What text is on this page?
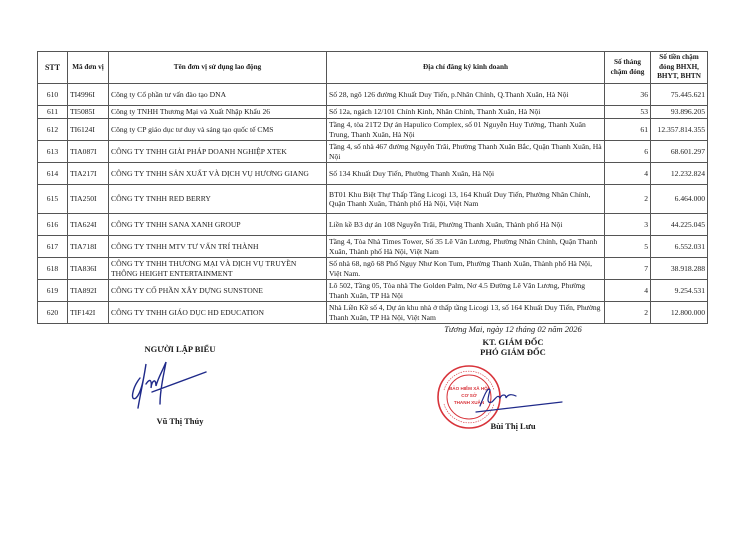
STT	Mã đơn vị	Tên đơn vị sử dụng lao động	Địa chỉ đăng ký kinh doanh	Số tháng chậm đóng	Số tiền chậm đóng BHXH, BHYT, BHTN
610	TI4996I	Công ty Cổ phần tư vấn đào tạo DNA	Số 28, ngõ 126 đường Khuất Duy Tiến, p.Nhân Chính, Q.Thanh Xuân, Hà Nội	36	75.445.621
611	TI5085I	Công ty TNHH Thương Mại và Xuất Nhập Khẩu 26	Số 12a, ngách 12/101 Chính Kinh, Nhân Chính, Thanh Xuân, Hà Nội	53	93.896.205
612	TI6124I	Công ty CP giáo dục tư duy và sáng tạo quốc tế CMS	Tầng 4, tòa 21T2 Dự án Hapulico Complex, số 01 Nguyễn Huy Tưởng, Thanh Xuân Trung, Thanh Xuân, Hà Nội	61	12.357.814.355
613	TIA087I	CÔNG TY TNHH GIẢI PHÁP DOANH NGHIỆP XTEK	Tầng 4, số nhà 467 đường Nguyễn Trãi, Phường Thanh Xuân Bắc, Quận Thanh Xuân, Hà Nội	6	68.601.297
614	TIA217I	CÔNG TY TNHH SẢN XUẤT VÀ DỊCH VỤ HƯƠNG GIANG	Số 134 Khuất Duy Tiến, Phường Thanh Xuân, Hà Nội	4	12.232.824
615	TIA250I	CÔNG TY TNHH RED BERRY	BT01 Khu Biệt Thự Thấp Tầng Licogi 13, 164 Khuất Duy Tiến, Phường Nhân Chính, Quận Thanh Xuân, Thành phố Hà Nội, Việt Nam	2	6.464.000
616	TIA624I	CÔNG TY TNHH SANA XANH GROUP	Liền kề B3 dự án 108 Nguyễn Trãi, Phường Thanh Xuân, Thành phố Hà Nội	3	44.225.045
617	TIA718I	CÔNG TY TNHH MTV TƯ VẤN TRÍ THÀNH	Tầng 4, Tòa Nhà Times Tower, Số 35 Lê Văn Lương, Phường Nhân Chính, Quận Thanh Xuân, Thành phố Hà Nội, Việt Nam	5	6.552.031
618	TIA836I	CÔNG TY TNHH THƯƠNG MẠI VÀ DỊCH VỤ TRUYỀN THÔNG HEIGHT ENTERTAINMENT	Số nhà 68, ngõ 68 Phố Ngụy Như Kon Tum, Phường Thanh Xuân, Thành phố Hà Nội, Việt Nam.	7	38.918.288
619	TIA892I	CÔNG TY CỔ PHẦN XÂY DỰNG SUNSTONE	Lô 502, Tầng 05, Tòa nhà The Golden Palm, Nơ 4.5 Đường Lê Văn Lương, Phường Thanh Xuân, TP Hà Nội	4	9.254.531
620	TIF142I	CÔNG TY TNHH GIÁO DỤC HD EDUCATION	Nhà Liền Kề số 4, Dự án khu nhà ở thấp tầng Licogi 13, số 164 Khuất Duy Tiến, Phường Thanh Xuân, TP Hà Nội, Việt Nam	2	12.800.000
NGƯỜI LẬP BIỂU
Vũ Thị Thúy
Tương Mai, ngày 12 tháng 02 năm 2026
KT. GIÁM ĐỐC
PHÓ GIÁM ĐỐC
Bùi Thị Lưu
BẢO HIỂM XÃ HỘI
CƠ SỞ
THANH XUÂN
